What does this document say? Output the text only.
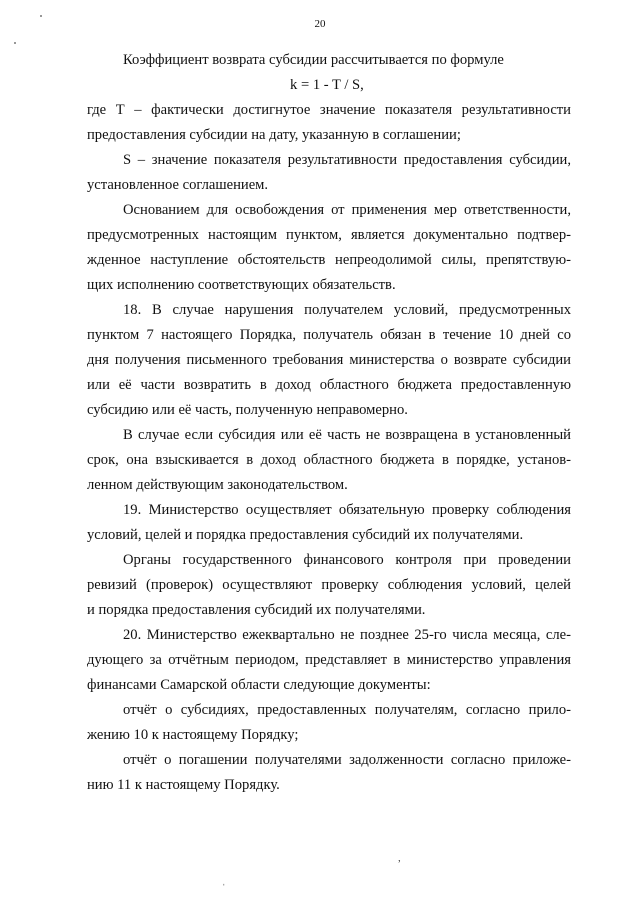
20
Коэффициент возврата субсидии рассчитывается по формуле
k = 1 - T / S,
где Т – фактически достигнутое значение показателя результативности
предоставления субсидии на дату, указанную в соглашении;
S – значение показателя результативности предоставления субсидии,
установленное соглашением.
Основанием для освобождения от применения мер ответственности,
предусмотренных настоящим пунктом, является документально подтвер-
жденное наступление обстоятельств непреодолимой силы, препятствую-
щих исполнению соответствующих обязательств.
18. В случае нарушения получателем условий, предусмотренных
пунктом 7 настоящего Порядка, получатель обязан в течение 10 дней со
дня получения письменного требования министерства о возврате субсидии
или её части возвратить в доход областного бюджета предоставленную
субсидию или её часть, полученную неправомерно.
В случае если субсидия или её часть не возвращена в установленный
срок, она взыскивается в доход областного бюджета в порядке, установ-
ленном действующим законодательством.
19. Министерство осуществляет обязательную проверку соблюдения
условий, целей и порядка предоставления субсидий их получателями.
Органы государственного финансового контроля при проведении
ревизий (проверок) осуществляют проверку соблюдения условий, целей
и порядка предоставления субсидий их получателями.
20. Министерство ежеквартально не позднее 25-го числа месяца, сле-
дующего за отчётным периодом, представляет в министерство управления
финансами Самарской области следующие документы:
отчёт о субсидиях, предоставленных получателям, согласно прило-
жению 10 к настоящему Порядку;
отчёт о погашении получателями задолженности согласно приложе-
нию 11 к настоящему Порядку.
,
ˈ
